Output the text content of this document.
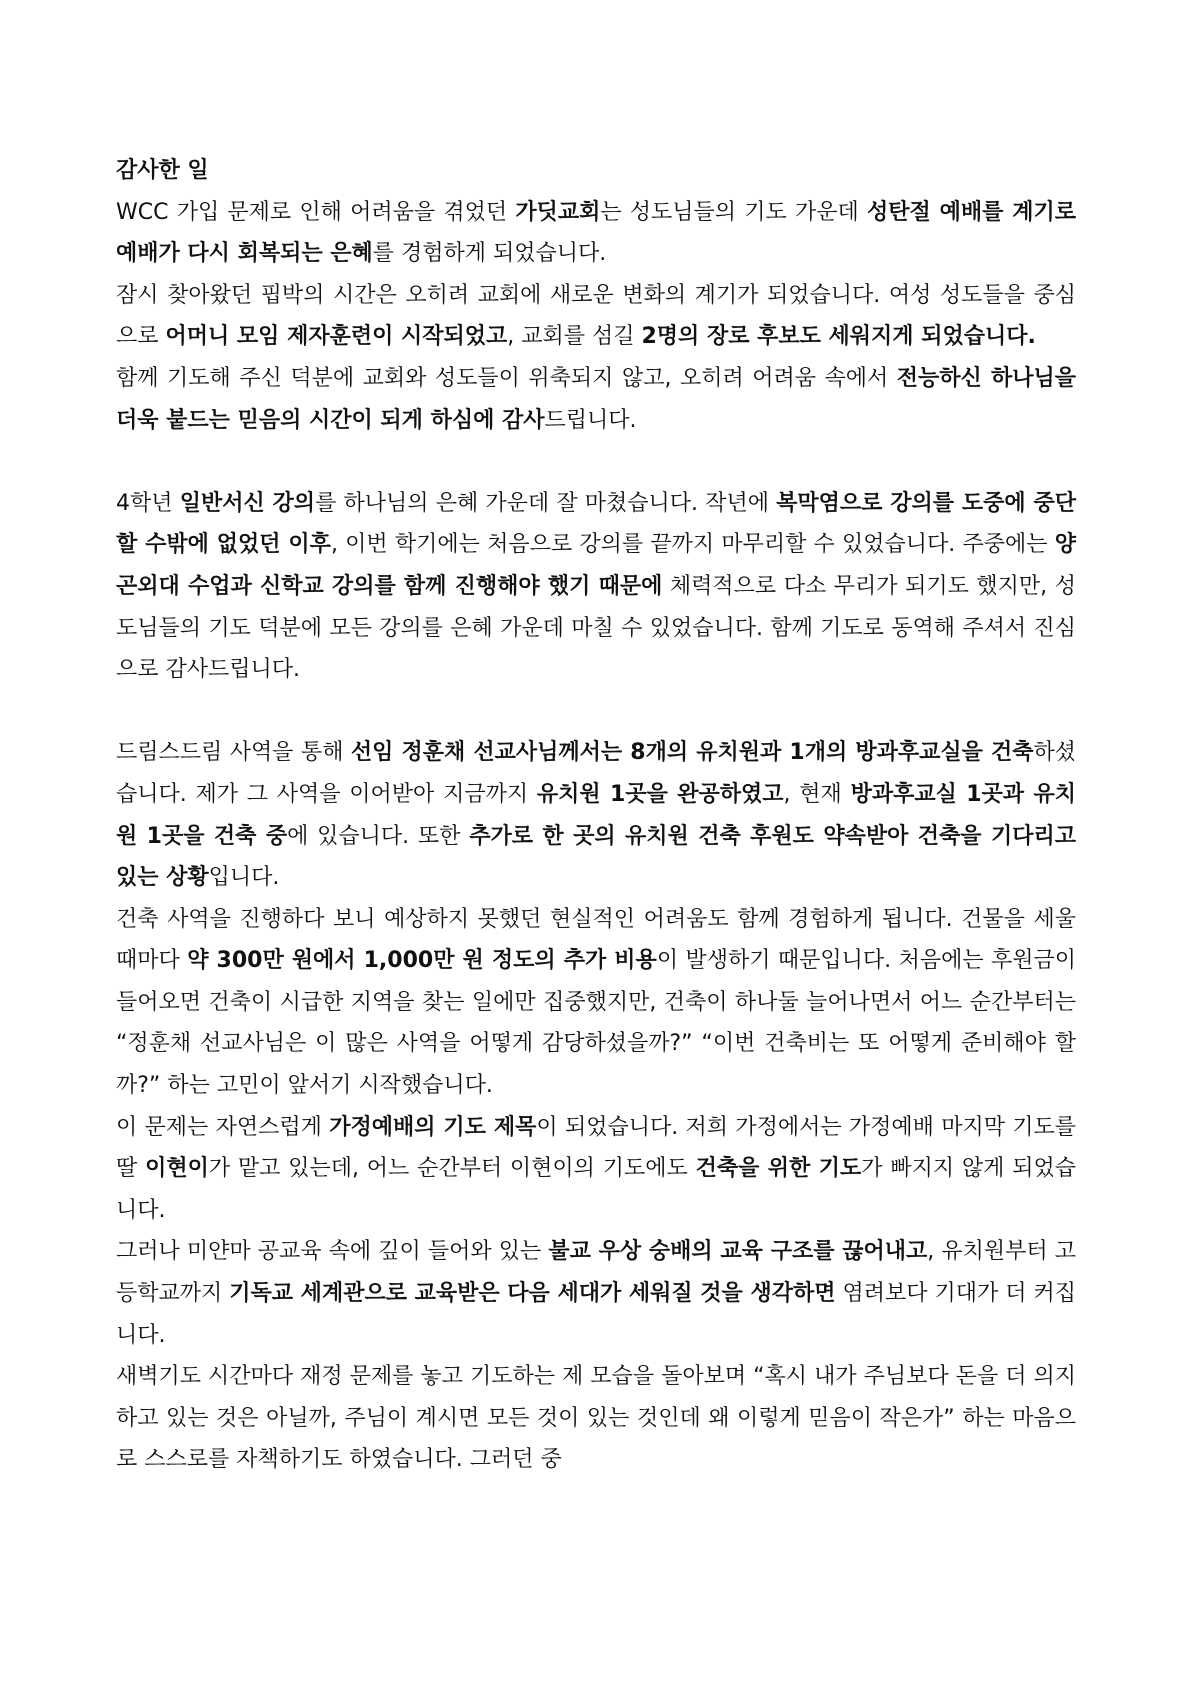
감사한 일

WCC 가입 문제로 인해 어려움을 겪었던 가딧교회는 성도님들의 기도 가운데 성탄절 예배를 계기로 예배가 다시 회복되는 은혜를 경험하게 되었습니다.

잠시 찾아왔던 핍박의 시간은 오히려 교회에 새로운 변화의 계기가 되었습니다. 여성 성도들을 중심으로 어머니 모임 제자훈련이 시작되었고, 교회를 섬길 2명의 장로 후보도 세워지게 되었습니다.

함께 기도해 주신 덕분에 교회와 성도들이 위축되지 않고, 오히려 어려움 속에서 전능하신 하나님을 더욱 붙드는 믿음의 시간이 되게 하심에 감사드립니다.

4학년 일반서신 강의를 하나님의 은혜 가운데 잘 마쳤습니다. 작년에 복막염으로 강의를 도중에 중단할 수밖에 없었던 이후, 이번 학기에는 처음으로 강의를 끝까지 마무리할 수 있었습니다. 주중에는 양곤외대 수업과 신학교 강의를 함께 진행해야 했기 때문에 체력적으로 다소 무리가 되기도 했지만, 성도님들의 기도 덕분에 모든 강의를 은혜 가운데 마칠 수 있었습니다. 함께 기도로 동역해 주셔서 진심으로 감사드립니다.

드림스드림 사역을 통해 선임 정훈채 선교사님께서는 8개의 유치원과 1개의 방과후교실을 건축하셨습니다. 제가 그 사역을 이어받아 지금까지 유치원 1곳을 완공하였고, 현재 방과후교실 1곳과 유치원 1곳을 건축 중에 있습니다. 또한 추가로 한 곳의 유치원 건축 후원도 약속받아 건축을 기다리고 있는 상황입니다.

건축 사역을 진행하다 보니 예상하지 못했던 현실적인 어려움도 함께 경험하게 됩니다. 건물을 세울 때마다 약 300만 원에서 1,000만 원 정도의 추가 비용이 발생하기 때문입니다. 처음에는 후원금이 들어오면 건축이 시급한 지역을 찾는 일에만 집중했지만, 건축이 하나둘 늘어나면서 어느 순간부터는 “정훈채 선교사님은 이 많은 사역을 어떻게 감당하셨을까?” “이번 건축비는 또 어떻게 준비해야 할까?” 하는 고민이 앞서기 시작했습니다.

이 문제는 자연스럽게 가정예배의 기도 제목이 되었습니다. 저희 가정에서는 가정예배 마지막 기도를 딸 이현이가 맡고 있는데, 어느 순간부터 이현이의 기도에도 건축을 위한 기도가 빠지지 않게 되었습니다.

그러나 미얀마 공교육 속에 깊이 들어와 있는 불교 우상 숭배의 교육 구조를 끊어내고, 유치원부터 고등학교까지 기독교 세계관으로 교육받은 다음 세대가 세워질 것을 생각하면 염려보다 기대가 더 커집니다.

새벽기도 시간마다 재정 문제를 놓고 기도하는 제 모습을 돌아보며 “혹시 내가 주님보다 돈을 더 의지하고 있는 것은 아닐까, 주님이 계시면 모든 것이 있는 것인데 왜 이렇게 믿음이 작은가” 하는 마음으로 스스로를 자책하기도 하였습니다. 그러던 중
